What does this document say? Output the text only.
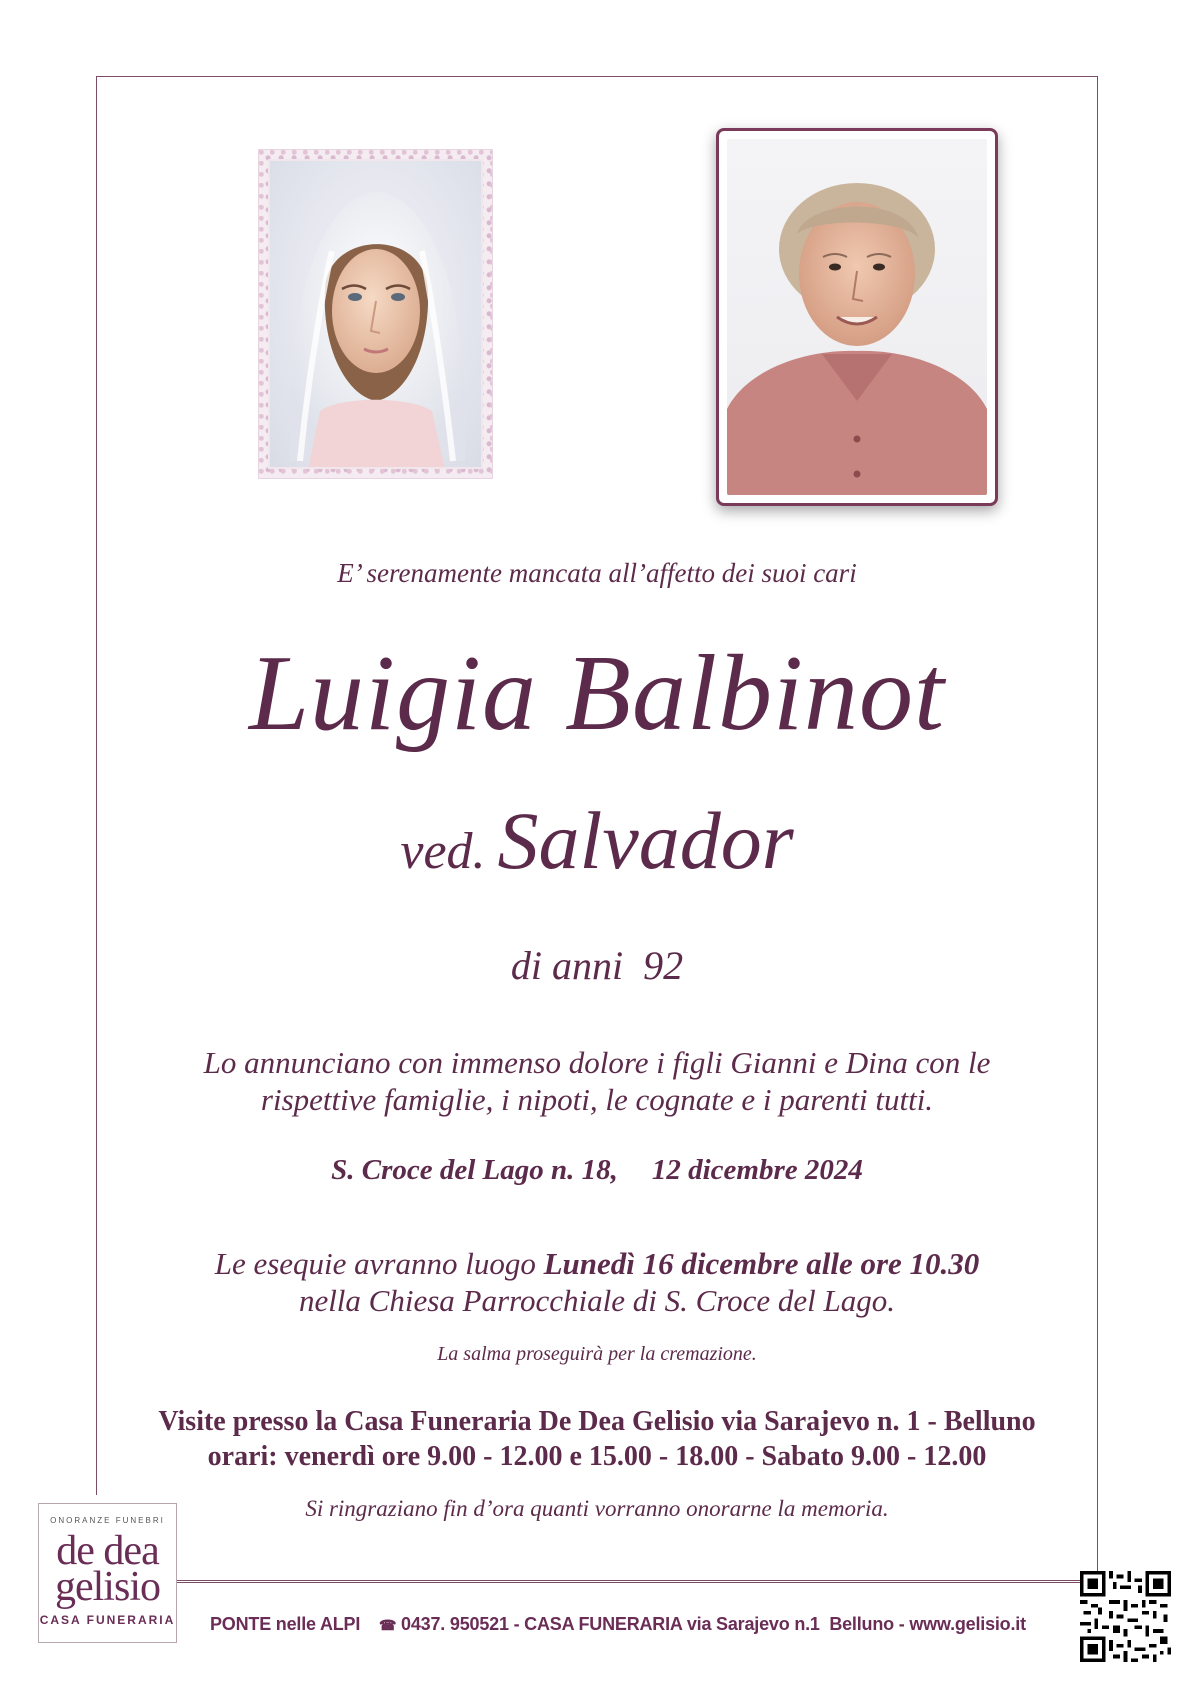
E’ serenamente mancata all’affetto dei suoi cari
Luigia Balbinot
ved. Salvador
di anni  92
Lo annunciano con immenso dolore i figli Gianni e Dina con le
rispettive famiglie, i nipoti, le cognate e i parenti tutti.
S. Croce del Lago n. 18, 12 dicembre 2024
Le esequie avranno luogo Lunedì 16 dicembre alle ore 10.30
nella Chiesa Parrocchiale di S. Croce del Lago.
La salma proseguirà per la cremazione.
Visite presso la Casa Funeraria De Dea Gelisio via Sarajevo n. 1 - Belluno
orari: venerdì ore 9.00 - 12.00 e 15.00 - 18.00 - Sabato 9.00 - 12.00
Si ringraziano fin d’ora quanti vorranno onorarne la memoria.
ONORANZE FUNEBRI
de dea
gelisio
CASA FUNERARIA PONTE nelle ALPI ☎ 0437. 950521 - CASA FUNERARIA via Sarajevo n.1  Belluno - www.gelisio.it
